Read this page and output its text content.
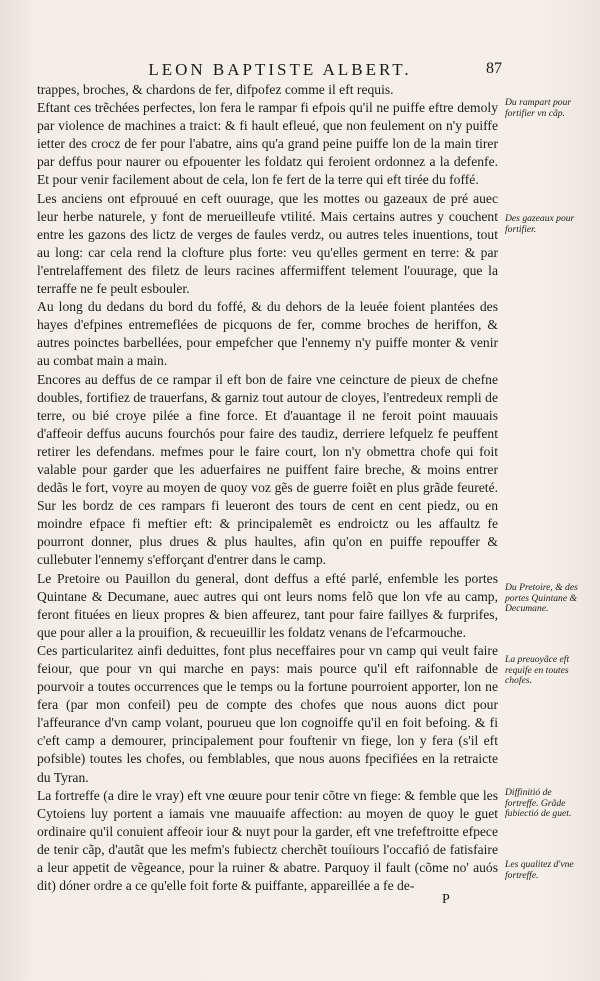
LEON BAPTISTE ALBERT.	87

trappes, broches, & chardons de fer, difpofez comme il eft requis.

Eftant ces trẽchées perfectes, lon fera le rampar fi efpois qu'il ne puiffe eftre demoly par violence de machines a traict: & fi hault efleué, que non feulement on n'y puiffe ietter des crocz de fer pour l'abatre, ains qu'a grand peine puiffe lon de la main tirer par deffus pour naurer ou efpouenter les foldatz qui feroient ordonnez a la defenfe. Et pour venir facilement about de cela, lon fe fert de la terre qui eft tirée du foffé.

Les anciens ont efprouué en ceft ouurage, que les mottes ou gazeaux de pré auec leur herbe naturele, y font de merueilleufe vtilité. Mais certains autres y couchent entre les gazons des lictz de verges de faules verdz, ou autres teles inuentions, tout au long: car cela rend la clofture plus forte: veu qu'elles germent en terre: & par l'entrelaffement des filetz de leurs racines affermiffent telement l'ouurage, que la terraffe ne fe peult esbouler.

Au long du dedans du bord du foffé, & du dehors de la leuée foient plantées des hayes d'efpines entremeflées de picquons de fer, comme broches de heriffon, & autres poinctes barbellées, pour empefcher que l'ennemy n'y puiffe monter & venir au combat main a main.

Encores au deffus de ce rampar il eft bon de faire vne ceincture de pieux de chefne doubles, fortifiez de trauerfans, & garniz tout autour de cloyes, l'entredeux rempli de terre, ou bié croye pilée a fine force. Et d'auantage il ne feroit point mauuais d'affeoir deffus aucuns fourchós pour faire des taudiz, derriere lefquelz fe peuffent retirer les defendans. mefmes pour le faire court, lon n'y obmettra chofe qui foit valable pour garder que les aduerfaires ne puiffent faire breche, & moins entrer dedãs le fort, voyre au moyen de quoy voz gẽs de guerre foiẽt en plus grãde feureté. Sur les bordz de ces rampars fi leueront des tours de cent en cent piedz, ou en moindre efpace fi meftier eft: & principalemẽt es endroictz ou les affaultz fe pourront donner, plus drues & plus haultes, afin qu'on en puiffe repouffer & cullebuter l'ennemy s'efforçant d'entrer dans le camp.

Le Pretoire ou Pauillon du general, dont deffus a efté parlé, enfemble les portes Quintane & Decumane, auec autres qui ont leurs noms felõ que lon vfe au camp, feront fituées en lieux propres & bien affeurez, tant pour faire faillyes & furprifes, que pour aller a la prouifion, & recueuillir les foldatz venans de l'efcarmouche.

Ces particularitez ainfi deduittes, font plus neceffaires pour vn camp qui veult faire feiour, que pour vn qui marche en pays: mais pource qu'il eft raifonnable de pourvoir a toutes occurrences que le temps ou la fortune pourroient apporter, lon ne fera (par mon confeil) peu de compte des chofes que nous auons dict pour l'affeurance d'vn camp volant, pourueu que lon cognoiffe qu'il en foit befoing. & fi c'eft camp a demourer, principalement pour fouftenir vn fiege, lon y fera (s'il eft pofsible) toutes les chofes, ou femblables, que nous auons fpecifiées en la retraicte du Tyran.

La fortreffe (a dire le vray) eft vne œuure pour tenir cõtre vn fiege: & femble que les Cytoiens luy portent a iamais vne mauuaife affection: au moyen de quoy le guet ordinaire qu'il conuient affeoir iour & nuyt pour la garder, eft vne trefeftroitte efpece de tenir cãp, d'autãt que les mefm's fubiectz cherchẽt touíiours l'occafió de fatisfaire a leur appetit de vẽgeance, pour la ruiner & abatre. Parquoy il fault (cõme no' auós dit) dóner ordre a ce qu'elle foit forte & puiffante, appareillée a fe de-

Du rampart pour fortifier vn cãp.
Des gazeaux pour fortifier.
Du Pretoire, & des portes Quintane & Decumane.
La preuoyãce eft requife en toutes chofes.
Diffinitió de fortreffe. Grãde fubiectió de guet.
Les qualitez d'vne fortreffe.
P
